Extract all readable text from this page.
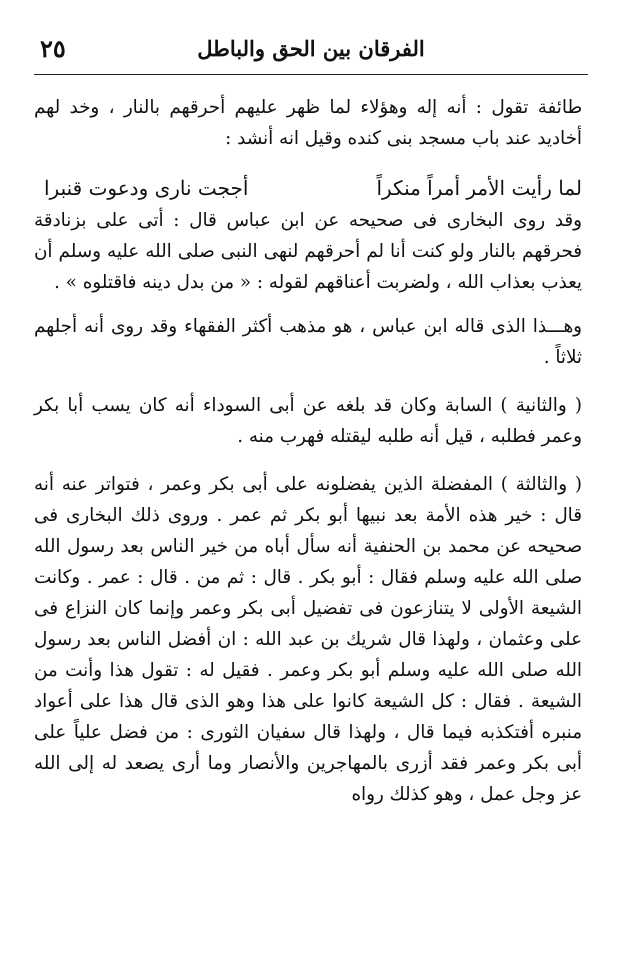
٢٥	الفرقان بين الحق والباطل

طائفة تقول : أنه إله وهؤلاء لما ظهر عليهم أحرقهم بالنار ، وخد لهم أخاديد عند باب مسجد بنى كنده وقيل انه أنشد :

لما رأيت الأمر أمراً منكراً
أججت نارى ودعوت قنبرا

وقد روى البخارى فى صحيحه عن ابن عباس قال : أتى على بزنادقة فحرقهم بالنار ولو كنت أنا لم أحرقهم لنهى النبى صلى الله عليه وسلم أن يعذب بعذاب الله ، ولضربت أعناقهم لقوله : « من بدل دينه فاقتلوه » .

وهـــذا الذى قاله ابن عباس ، هو مذهب أكثر الفقهاء وقد روى أنه أجلهم ثلاثاً .

( والثانية ) السابة وكان قد بلغه عن أبى السوداء أنه كان يسب أبا بكر وعمر فطلبه ، قيل أنه طلبه ليقتله فهرب منه .

( والثالثة ) المفضلة الذين يفضلونه على أبى بكر وعمر ، فتواتر عنه أنه قال : خير هذه الأمة بعد نبيها أبو بكر ثم عمر . وروى ذلك البخارى فى صحيحه عن محمد بن الحنفية أنه سأل أباه من خير الناس بعد رسول الله صلى الله عليه وسلم فقال : أبو بكر . قال : ثم من . قال : عمر . وكانت الشيعة الأولى لا يتنازعون فى تفضيل أبى بكر وعمر وإنما كان النزاع فى على وعثمان ، ولهذا قال شريك بن عبد الله : ان أفضل الناس بعد رسول الله صلى الله عليه وسلم أبو بكر وعمر . فقيل له : تقول هذا وأنت من الشيعة . فقال : كل الشيعة كانوا على هذا وهو الذى قال هذا على أعواد منبره أفتكذبه فيما قال ، ولهذا قال سفيان الثورى : من فضل علياً على أبى بكر وعمر فقد أزرى بالمهاجرين والأنصار وما أرى يصعد له إلى الله عز وجل عمل ، وهو كذلك رواه
